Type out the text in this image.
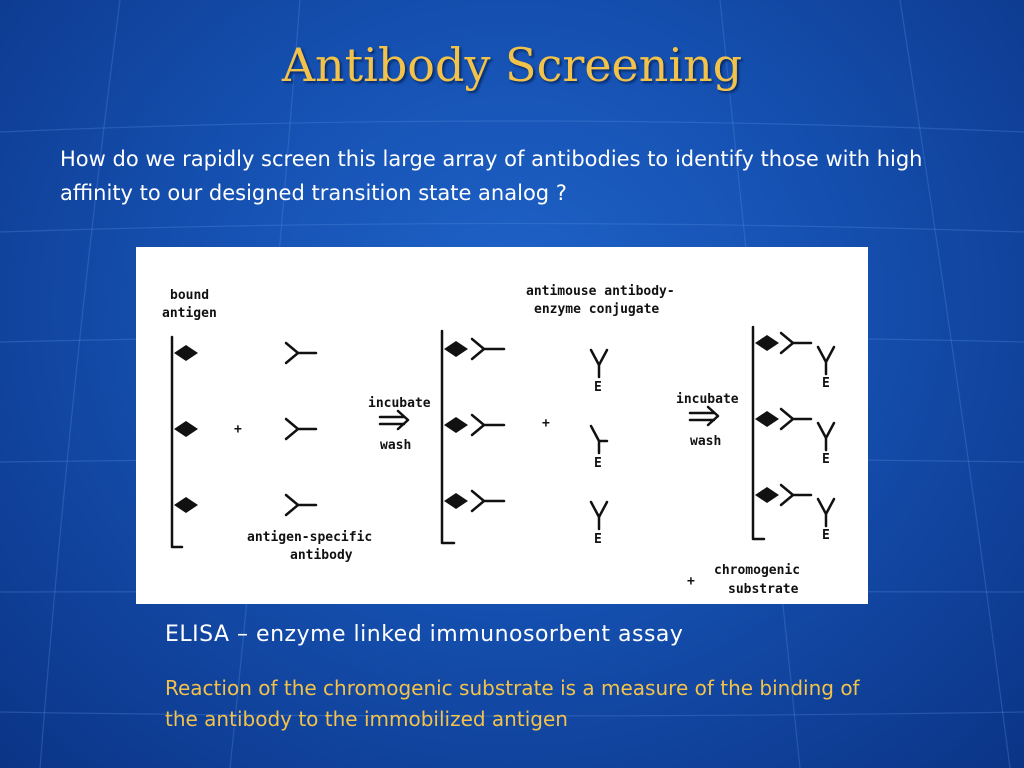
Antibody Screening
How do we rapidly screen this large array of antibodies to identify those with high affinity to our designed transition state analog ?
bound
antigen
+
antigen-specific
antibody
incubate
wash
antimouse antibody-
enzyme conjugate
+
E
E
E
incubate
wash
E
E
E
+
chromogenic
substrate
ELISA – enzyme linked immunosorbent assay
Reaction of the chromogenic substrate is a measure of the binding of the antibody to the immobilized antigen
